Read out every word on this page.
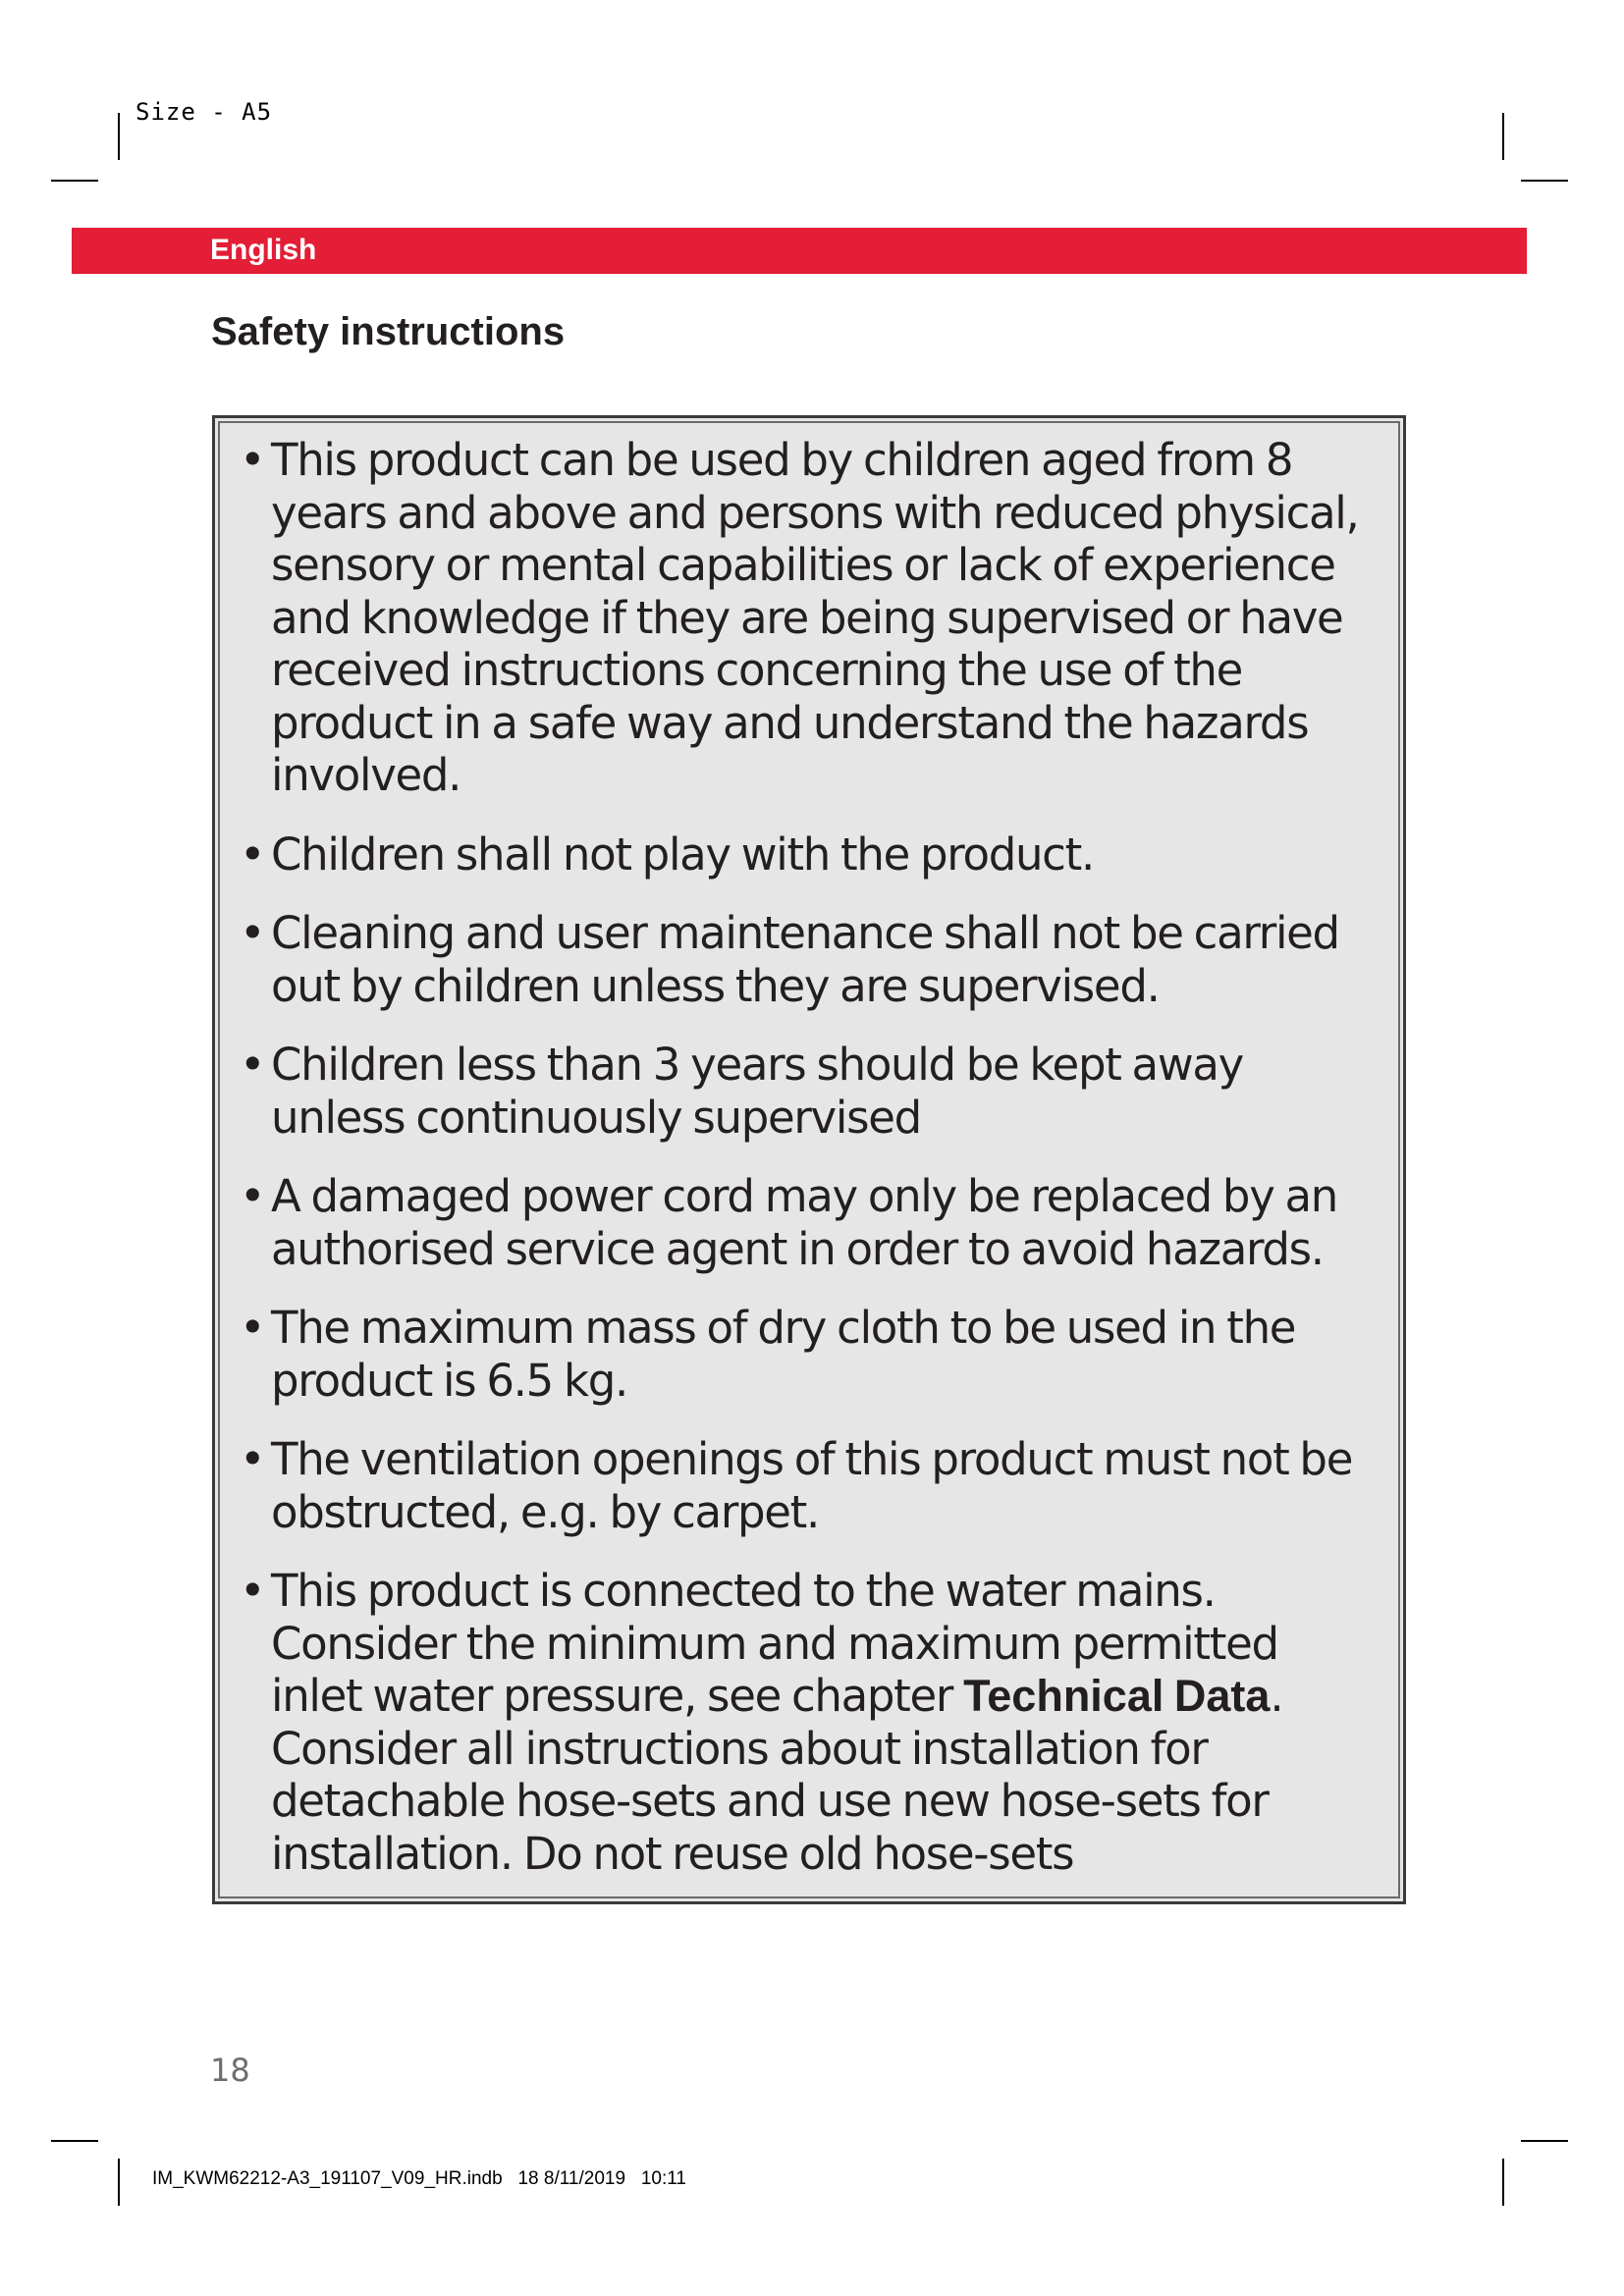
Size - A5
English
Safety instructions
• This product can be used by children aged from 8 years and above and persons with reduced physical, sensory or mental capabilities or lack of experience and knowledge if they are being supervised or have received instructions concerning the use of the product in a safe way and understand the hazards involved.
• Children shall not play with the product.
• Cleaning and user maintenance shall not be carried out by children unless they are supervised.
• Children less than 3 years should be kept away unless continuously supervised
• A damaged power cord may only be replaced by an authorised service agent in order to avoid hazards.
• The maximum mass of dry cloth to be used in the product is 6.5 kg.
• The ventilation openings of this product must not be obstructed, e.g. by carpet.
• This product is connected to the water mains. Consider the minimum and maximum permitted inlet water pressure, see chapter Technical Data. Consider all instructions about installation for detachable hose-sets and use new hose-sets for installation. Do not reuse old hose-sets
18
IM_KWM62212-A3_191107_V09_HR.indb   18 8/11/2019   10:11
